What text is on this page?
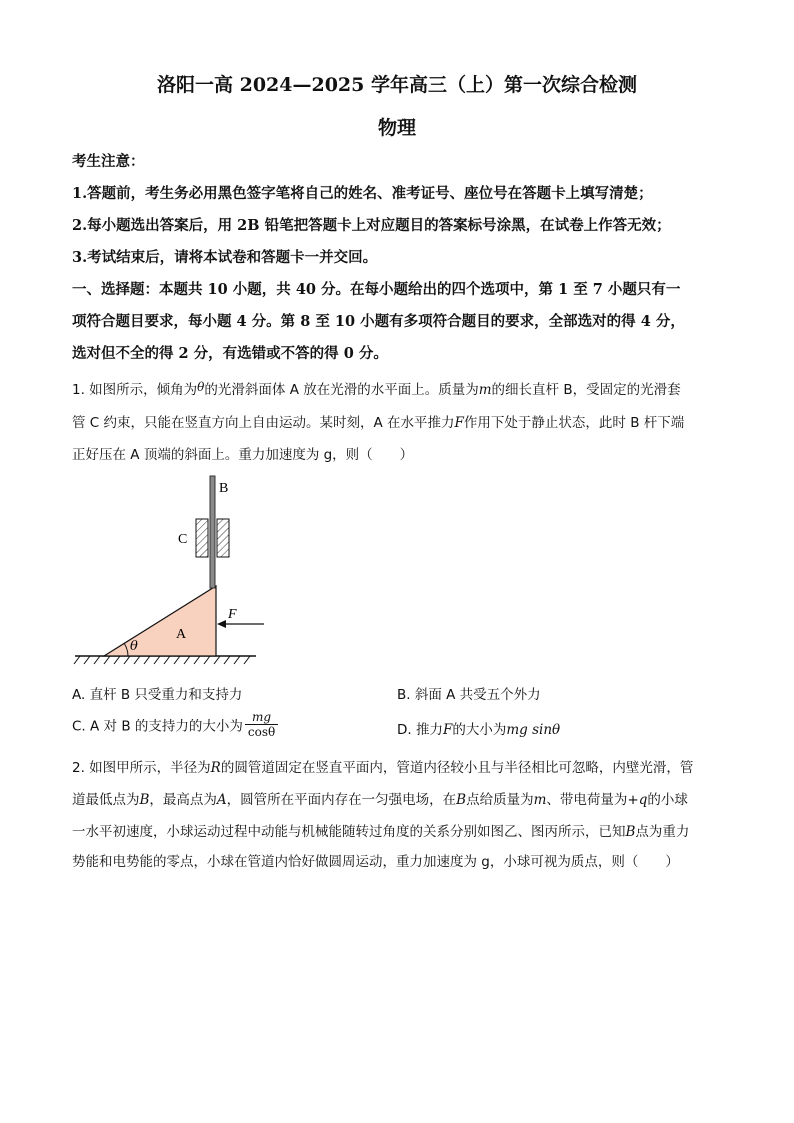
洛阳一高 2024—2025 学年高三（上）第一次综合检测
物理
考生注意：
1.答题前，考生务必用黑色签字笔将自己的姓名、准考证号、座位号在答题卡上填写清楚；
2.每小题选出答案后，用 2B 铅笔把答题卡上对应题目的答案标号涂黑，在试卷上作答无效；
3.考试结束后，请将本试卷和答题卡一并交回。
一、选择题：本题共 10 小题，共 40 分。在每小题给出的四个选项中，第 1 至 7 小题只有一
项符合题目要求，每小题 4 分。第 8 至 10 小题有多项符合题目的要求，全部选对的得 4 分，
选对但不全的得 2 分，有选错或不答的得 0 分。
1. 如图所示，倾角为θ的光滑斜面体 A 放在光滑的水平面上。质量为m的细长直杆 B，受固定的光滑套
管 C 约束，只能在竖直方向上自由运动。某时刻，A 在水平推力F作用下处于静止状态，此时 B 杆下端
正好压在 A 顶端的斜面上。重力加速度为 g，则（　　）
θ
A
B
C
F
A. 直杆 B 只受重力和支持力	B. 斜面 A 共受五个外力
C. A 对 B 的支持力的大小为 $\frac{mg}{\cos\theta}$	D. 推力F的大小为mg sinθ
2. 如图甲所示，半径为R的圆管道固定在竖直平面内，管道内径较小且与半径相比可忽略，内壁光滑，管
道最低点为B，最高点为A，圆管所在平面内存在一匀强电场，在B点给质量为m、带电荷量为+q的小球
一水平初速度，小球运动过程中动能与机械能随转过角度的关系分别如图乙、图丙所示，已知B点为重力
势能和电势能的零点，小球在管道内恰好做圆周运动，重力加速度为 g，小球可视为质点，则（　　）
